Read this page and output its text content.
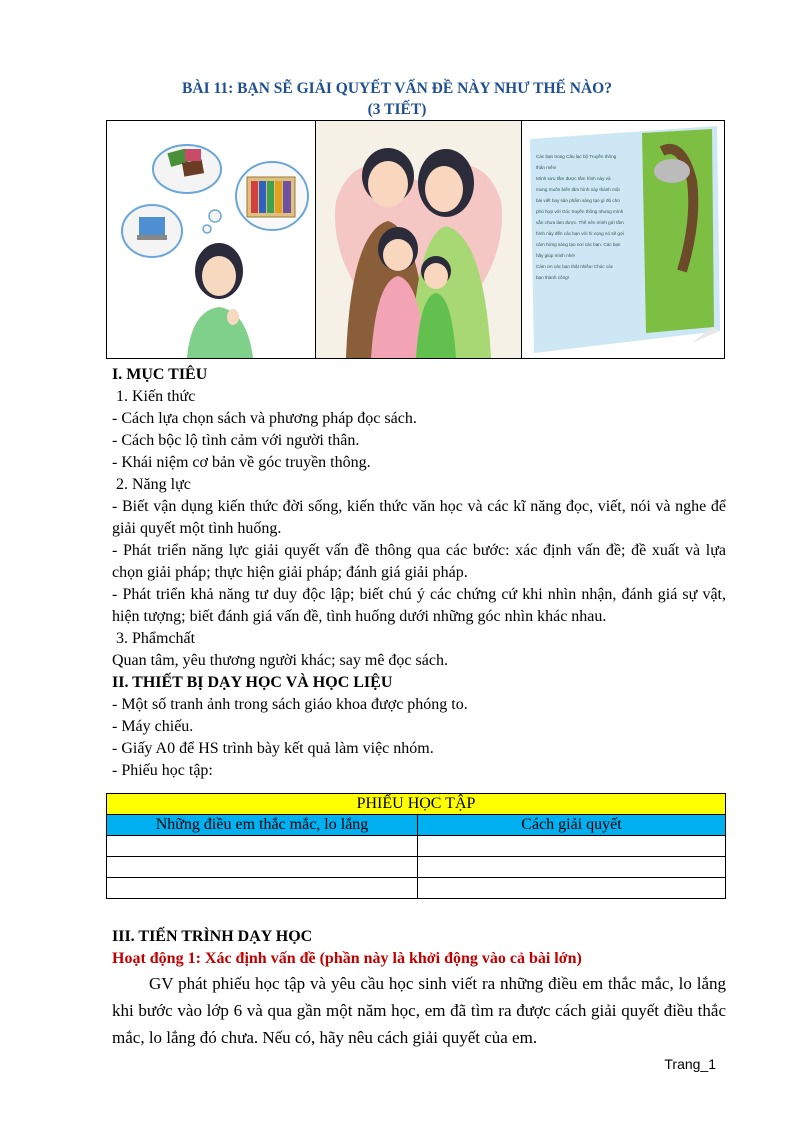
BÀI 11: BẠN SẼ GIẢI QUYẾT VẤN ĐỀ NÀY NHƯ THẾ NÀO?
(3 TIẾT)
Các bạn trong Câu lạc bộ Truyền thông
thân mến!
Mình sưu tầm được tấm hình này và
mong muốn biến tấm hình này thành một
bài viết hay sản phẩm sáng tạo gì đó cho
phù hợp với Góc truyền thông nhưng mình
vẫn chưa làm được. Thế nên mình gửi tấm
hình này đến các bạn với hi vọng nó sẽ gợi
cảm hứng sáng tạo nơi các bạn. Các bạn
hãy giúp mình nhé!
Cám ơn các bạn thật nhiều! Chúc các
bạn thành công!

I. MỤC TIÊU

1. Kiến thức

- Cách lựa chọn sách và phương pháp đọc sách.

- Cách bộc lộ tình cảm với người thân.

- Khái niệm cơ bản về góc truyền thông.

2. Năng lực

- Biết vận dụng kiến thức đời sống, kiến thức văn học và các kĩ năng đọc, viết, nói và nghe để giải quyết một tình huống.

- Phát triển năng lực giải quyết vấn đề thông qua các bước: xác định vấn đề; đề xuất và lựa chọn giải pháp; thực hiện giải pháp; đánh giá giải pháp.

- Phát triển khả năng tư duy độc lập; biết chú ý các chứng cứ khi nhìn nhận, đánh giá sự vật, hiện tượng; biết đánh giá vấn đề, tình huống dưới những góc nhìn khác nhau.

3. Phẩmchất

Quan tâm, yêu thương người khác; say mê đọc sách.

II. THIẾT BỊ DẠY HỌC VÀ HỌC LIỆU

- Một số tranh ảnh trong sách giáo khoa được phóng to.

- Máy chiếu.

- Giấy A0 để HS trình bày kết quả làm việc nhóm.

- Phiếu học tập:

PHIẾU HỌC TẬP	
Những điều em thắc mắc, lo lắng	Cách giải quyết

III. TIẾN TRÌNH DẠY HỌC

Hoạt động 1: Xác định vấn đề (phần này là khởi động vào cả bài lớn)

GV phát phiếu học tập và yêu cầu học sinh viết ra những điều em thắc mắc, lo lắng khi bước vào lớp 6 và qua gần một năm học, em đã tìm ra được cách giải quyết điều thắc mắc, lo lắng đó chưa. Nếu có, hãy nêu cách giải quyết của em.

Trang_1
